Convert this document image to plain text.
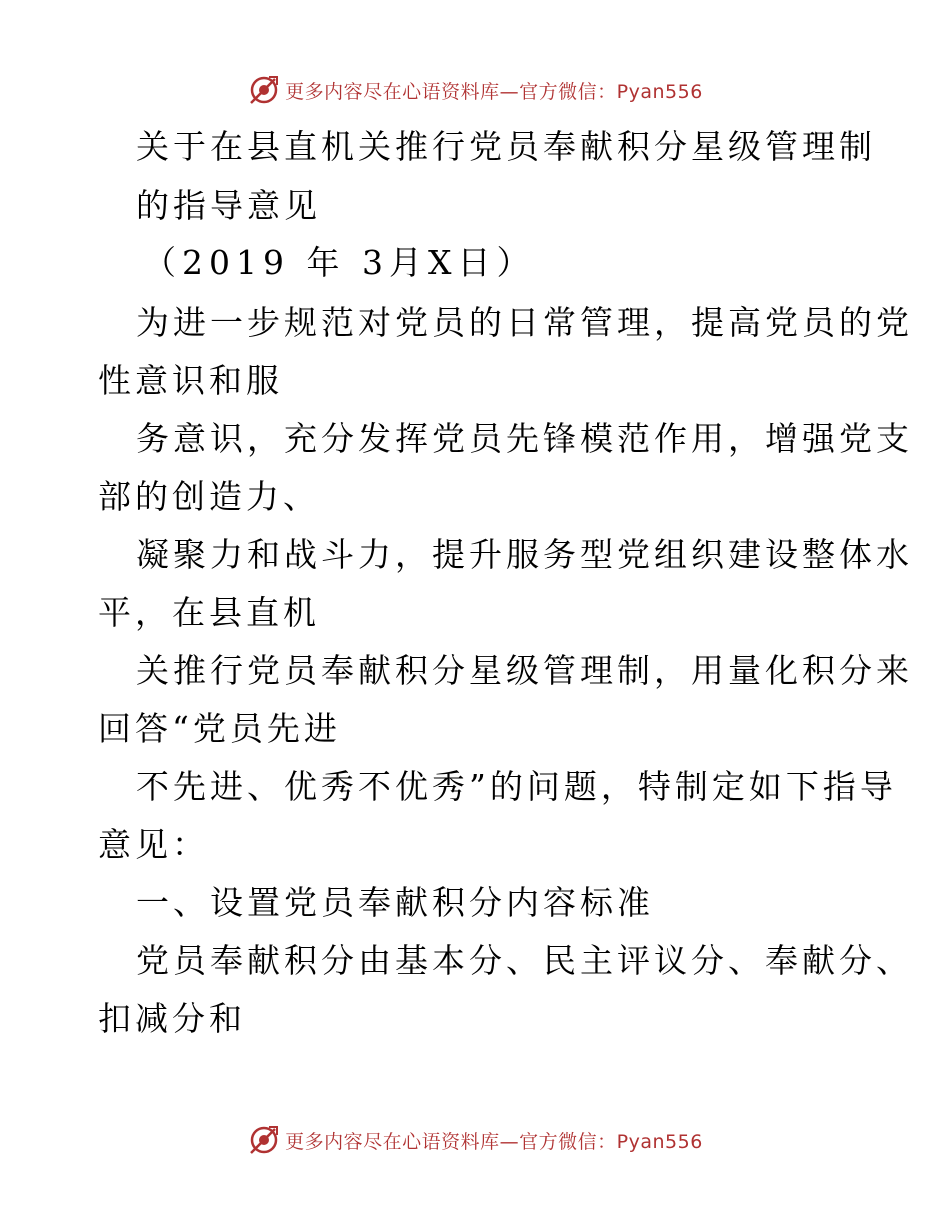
更多内容尽在心语资料库—官方微信：Pyan556
关于在县直机关推行党员奉献积分星级管理制
的指导意见
（2019 年 3月X日）
为进一步规范对党员的日常管理，提高党员的党
性意识和服
务意识，充分发挥党员先锋模范作用，增强党支
部的创造力、
凝聚力和战斗力，提升服务型党组织建设整体水
平，在县直机
关推行党员奉献积分星级管理制，用量化积分来
回答“党员先进
不先进、优秀不优秀”的问题，特制定如下指导
意见：
一、设置党员奉献积分内容标准
党员奉献积分由基本分、民主评议分、奉献分、
扣减分和
更多内容尽在心语资料库—官方微信：Pyan556
